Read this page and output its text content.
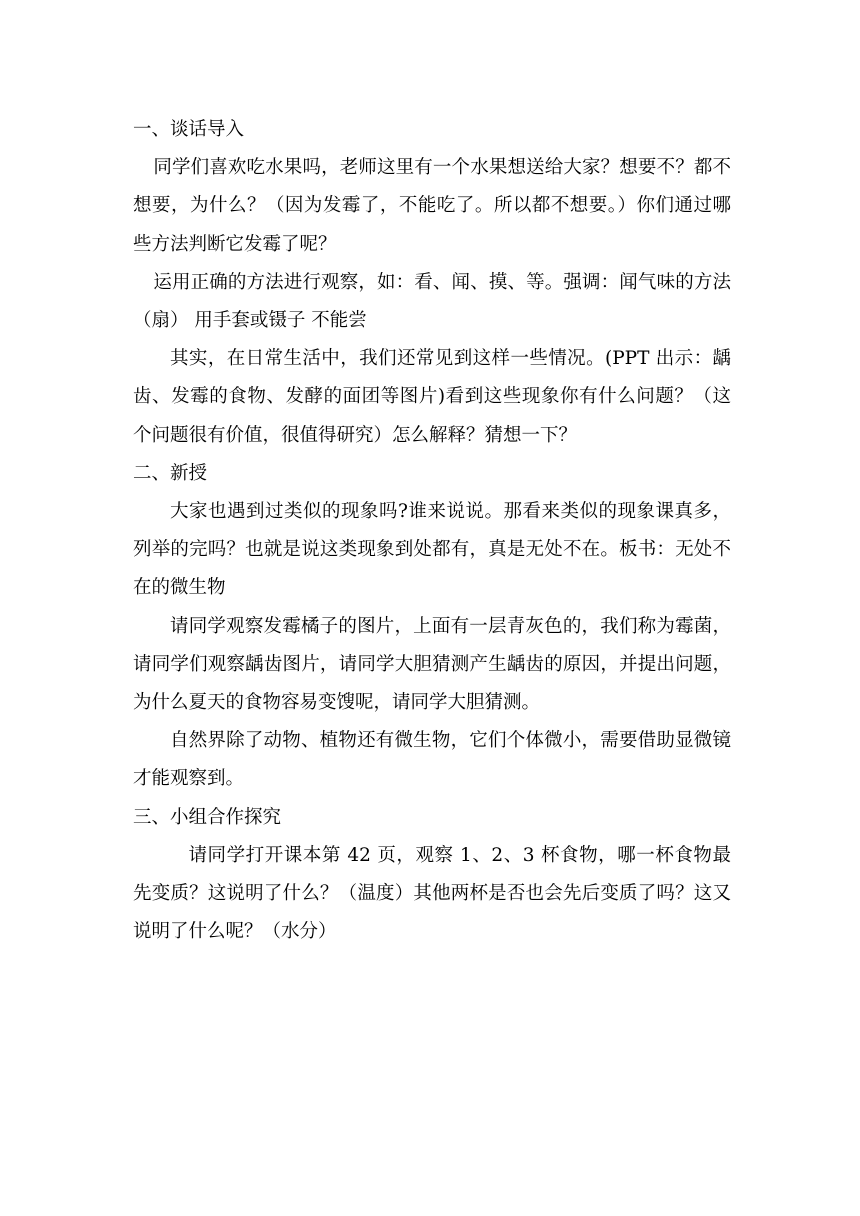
一、谈话导入

同学们喜欢吃水果吗，老师这里有一个水果想送给大家？想要不？都不想要，为什么？（因为发霉了，不能吃了。所以都不想要。）你们通过哪些方法判断它发霉了呢？

运用正确的方法进行观察，如：看、闻、摸、等。强调：闻气味的方法（扇） 用手套或镊子 不能尝

其实，在日常生活中，我们还常见到这样一些情况。(PPT 出示：龋齿、发霉的食物、发酵的面团等图片)看到这些现象你有什么问题？（这个问题很有价值，很值得研究）怎么解释？猜想一下？

二、新授

大家也遇到过类似的现象吗?谁来说说。那看来类似的现象课真多，列举的完吗？也就是说这类现象到处都有，真是无处不在。板书：无处不在的微生物

请同学观察发霉橘子的图片，上面有一层青灰色的，我们称为霉菌，请同学们观察龋齿图片，请同学大胆猜测产生龋齿的原因，并提出问题，为什么夏天的食物容易变馊呢，请同学大胆猜测。

自然界除了动物、植物还有微生物，它们个体微小，需要借助显微镜才能观察到。

三、小组合作探究

请同学打开课本第 42 页，观察 1、2、3 杯食物，哪一杯食物最先变质？这说明了什么？（温度）其他两杯是否也会先后变质了吗？这又说明了什么呢？（水分）
